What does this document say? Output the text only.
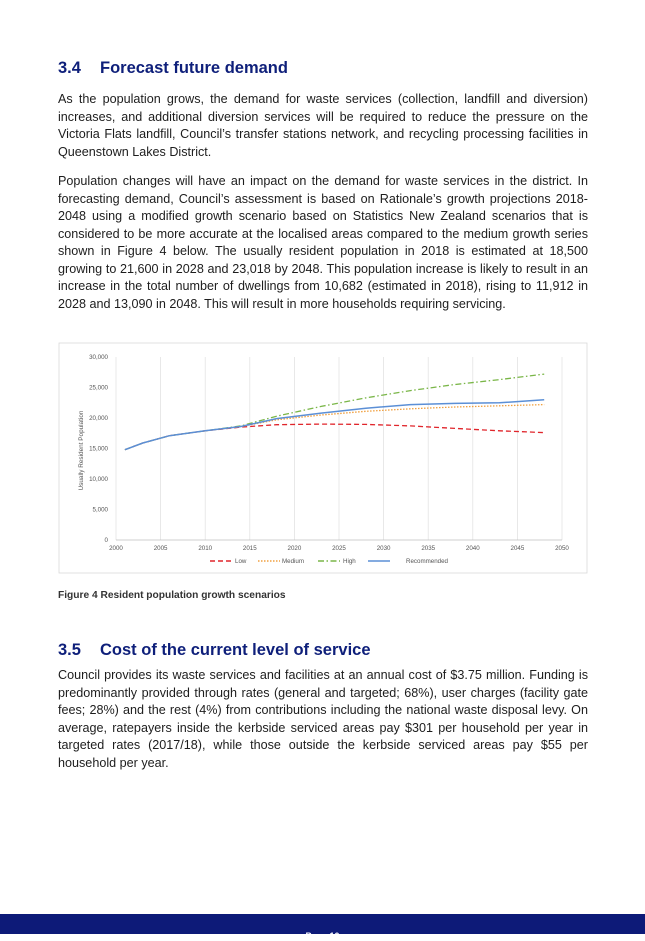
3.4 Forecast future demand

As the population grows, the demand for waste services (collection, landfill and diversion) increases, and additional diversion services will be required to reduce the pressure on the Victoria Flats landfill, Council’s transfer stations network, and recycling processing facilities in Queenstown Lakes District.

Population changes will have an impact on the demand for waste services in the district. In forecasting demand, Council’s assessment is based on Rationale’s growth projections 2018-2048 using a modified growth scenario based on Statistics New Zealand scenarios that is considered to be more accurate at the localised areas compared to the medium growth series shown in Figure 4 below. The usually resident population in 2018 is estimated at 18,500 growing to 21,600 in 2028 and 23,018 by 2048. This population increase is likely to result in an increase in the total number of dwellings from 10,682 (estimated in 2018), rising to 11,912 in 2028 and 13,090 in 2048. This will result in more households requiring servicing.

2000	2005	2010	2015	2020	2025	2030	2035	2040	2045	2050
0
5,000
10,000
15,000
20,000
25,000
30,000
Usually Resident Population
Low	Medium	High	Recommended

Figure 4 Resident population growth scenarios

3.5 Cost of the current level of service

Council provides its waste services and facilities at an annual cost of $3.75 million. Funding is predominantly provided through rates (general and targeted; 68%), user charges (facility gate fees; 28%) and the rest (4%) from contributions including the national waste disposal levy. On average, ratepayers inside the kerbside serviced areas pay $301 per household per year in targeted rates (2017/18), while those outside the kerbside serviced areas pay $55 per household per year.

Page 10
